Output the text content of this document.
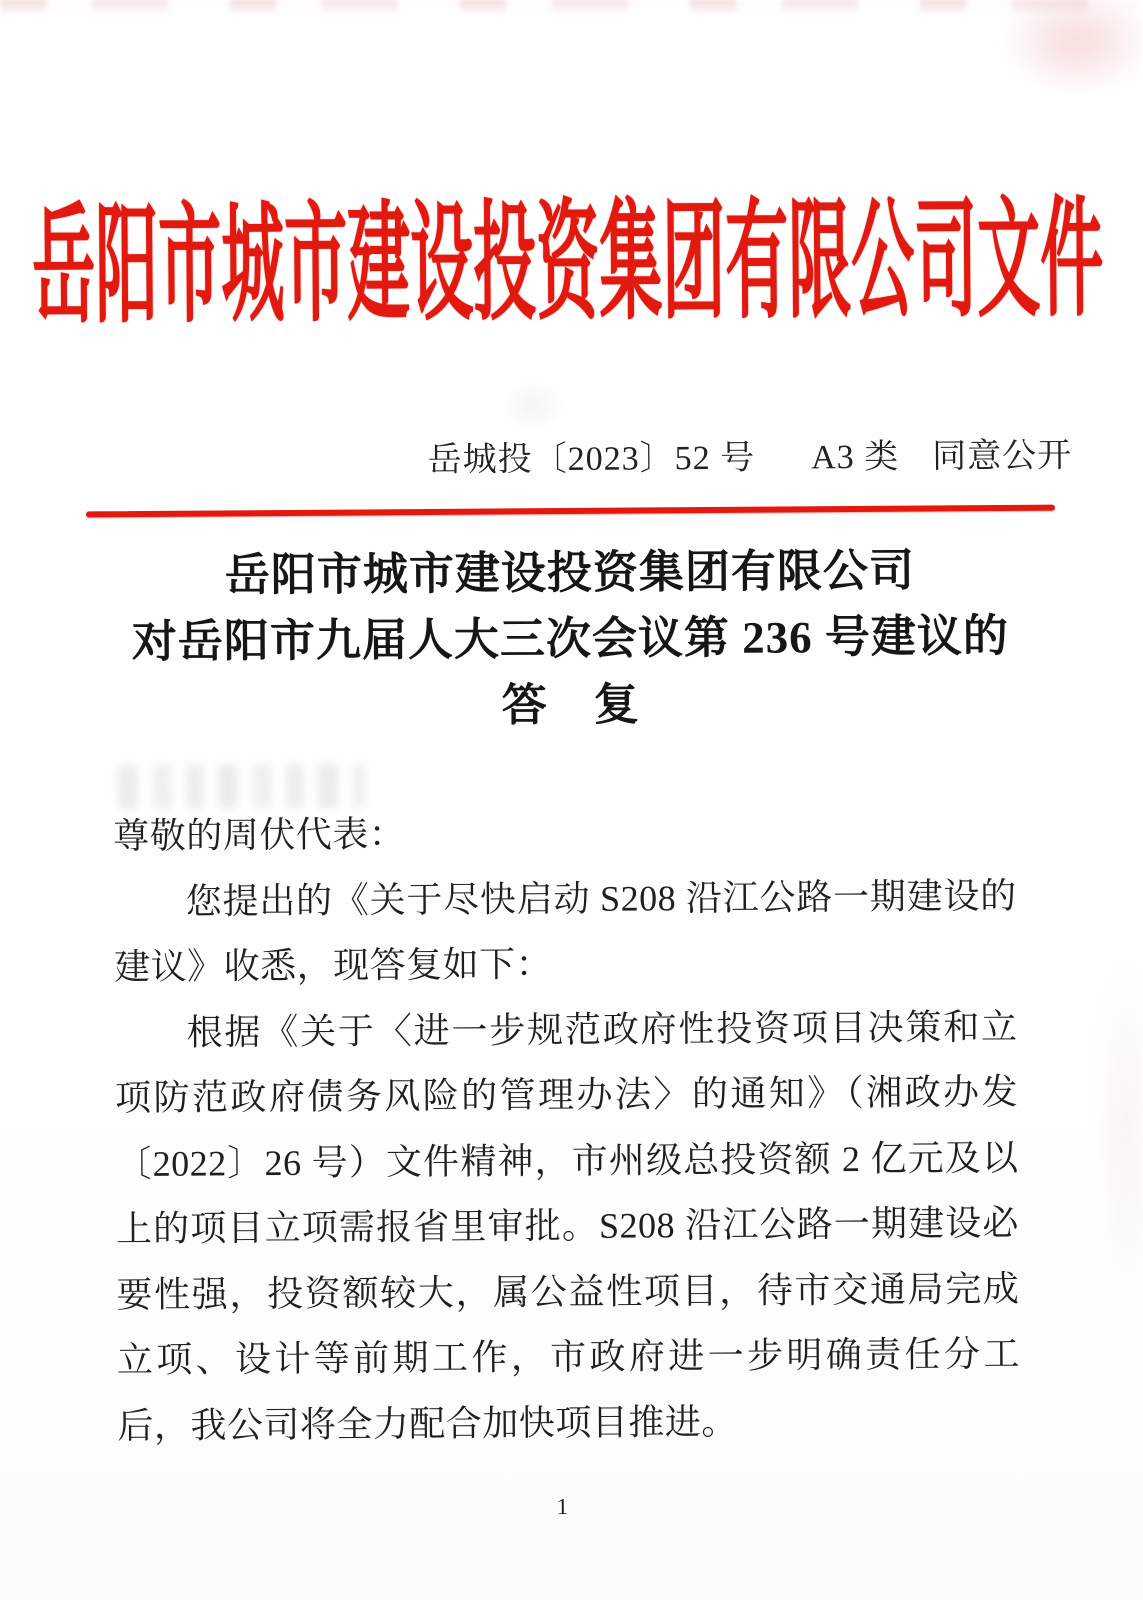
岳阳市城市建设投资集团有限公司文件
岳城投〔2023〕52 号 A3 类 同意公开
岳阳市城市建设投资集团有限公司
对岳阳市九届人大三次会议第 236 号建议的
答　复

尊敬的周伏代表：

您提出的《关于尽快启动 S208 沿江公路一期建设的建议》收悉，现答复如下：

根据《关于〈进一步规范政府性投资项目决策和立项防范政府债务风险的管理办法〉的通知》（湘政办发〔2022〕26 号）文件精神，市州级总投资额 2 亿元及以上的项目立项需报省里审批。S208 沿江公路一期建设必要性强，投资额较大，属公益性项目，待市交通局完成立项、设计等前期工作，市政府进一步明确责任分工后，我公司将全力配合加快项目推进。

1
